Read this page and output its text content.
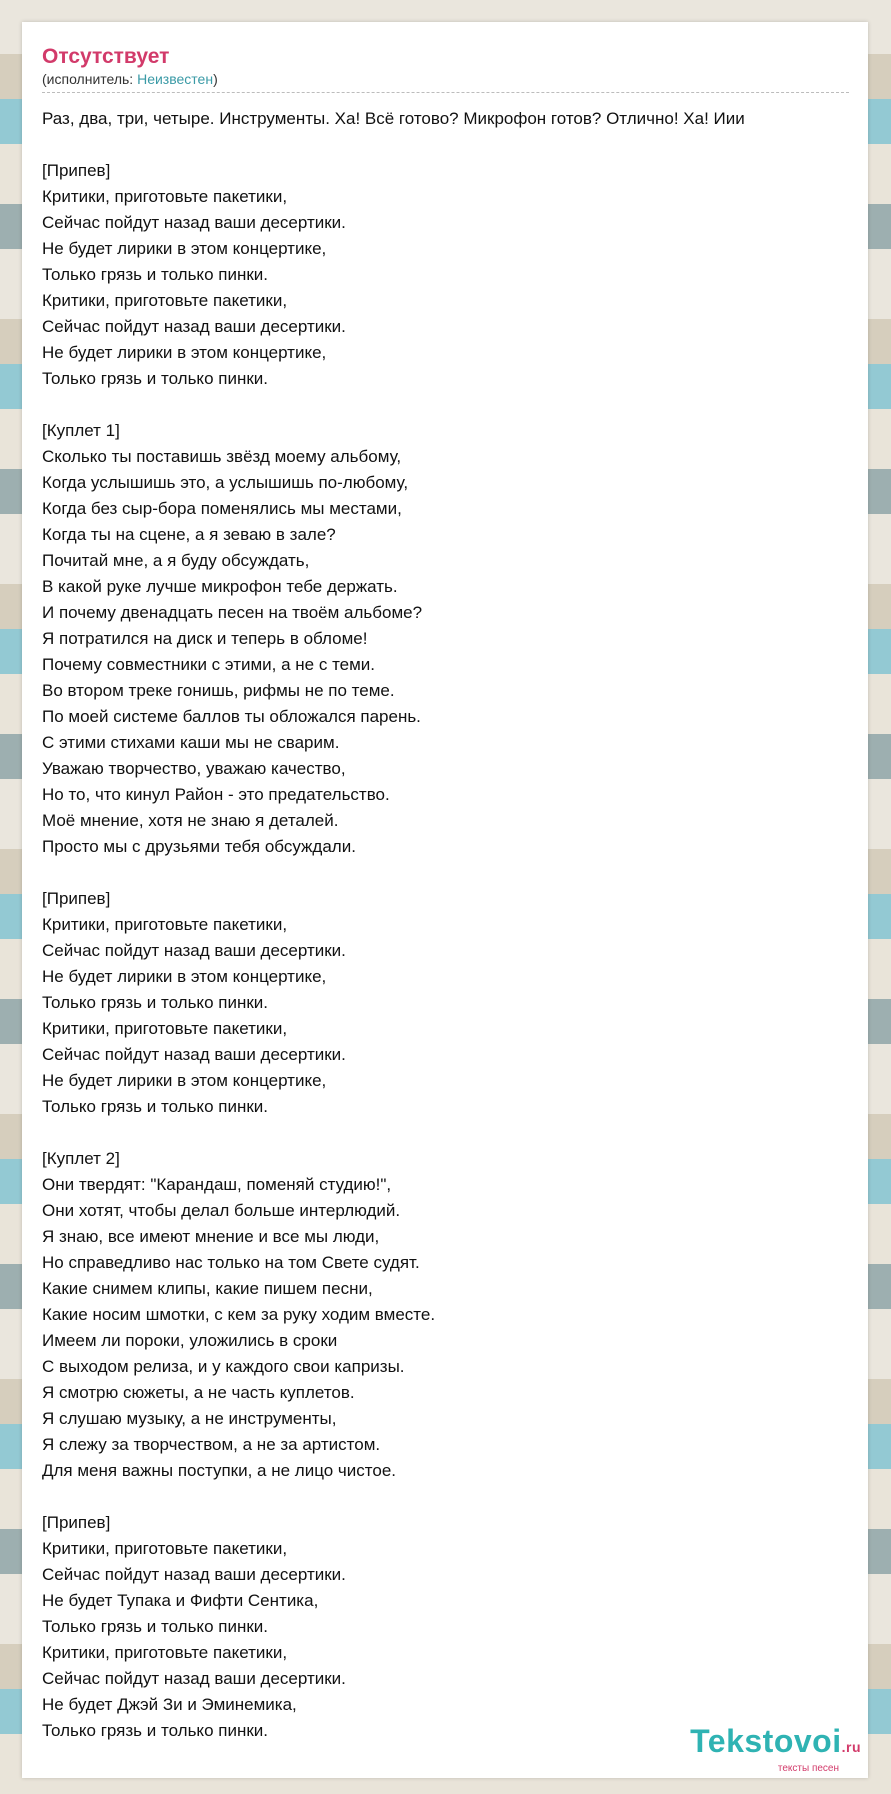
Отсутствует
(исполнитель: Неизвестен)
Раз, два, три, четыре. Инструменты. Ха! Всё готово? Микрофон готов? Отлично! Ха! Иии
[Припев]
Критики, приготовьте пакетики,
Сейчас пойдут назад ваши десертики.
Не будет лирики в этом концертике,
Только грязь и только пинки.
Критики, приготовьте пакетики,
Сейчас пойдут назад ваши десертики.
Не будет лирики в этом концертике,
Только грязь и только пинки.
[Куплет 1]
Сколько ты поставишь звёзд моему альбому,
Когда услышишь это, а услышишь по-любому,
Когда без сыр-бора поменялись мы местами,
Когда ты на сцене, а я зеваю в зале?
Почитай мне, а я буду обсуждать,
В какой руке лучше микрофон тебе держать.
И почему двенадцать песен на твоём альбоме?
Я потратился на диск и теперь в обломе!
Почему совместники с этими, а не с теми.
Во втором треке гонишь, рифмы не по теме.
По моей системе баллов ты обложался парень.
С этими стихами каши мы не сварим.
Уважаю творчество, уважаю качество,
Но то, что кинул Район - это предательство.
Моё мнение, хотя не знаю я деталей.
Просто мы с друзьями тебя обсуждали.
[Припев]
Критики, приготовьте пакетики,
Сейчас пойдут назад ваши десертики.
Не будет лирики в этом концертике,
Только грязь и только пинки.
Критики, приготовьте пакетики,
Сейчас пойдут назад ваши десертики.
Не будет лирики в этом концертике,
Только грязь и только пинки.
[Куплет 2]
Они твердят: "Карандаш, поменяй студию!",
Они хотят, чтобы делал больше интерлюдий.
Я знаю, все имеют мнение и все мы люди,
Но справедливо нас только на том Свете судят.
Какие снимем клипы, какие пишем песни,
Какие носим шмотки, с кем за руку ходим вместе.
Имеем ли пороки, уложились в сроки
С выходом релиза, и у каждого свои капризы.
Я смотрю сюжеты, а не часть куплетов.
Я слушаю музыку, а не инструменты,
Я слежу за творчеством, а не за артистом.
Для меня важны поступки, а не лицо чистое.
[Припев]
Критики, приготовьте пакетики,
Сейчас пойдут назад ваши десертики.
Не будет Тупака и Фифти Сентика,
Только грязь и только пинки.
Критики, приготовьте пакетики,
Сейчас пойдут назад ваши десертики.
Не будет Джэй Зи и Эминемика,
Только грязь и только пинки.	Tekstovoi.ru
тексты песен
